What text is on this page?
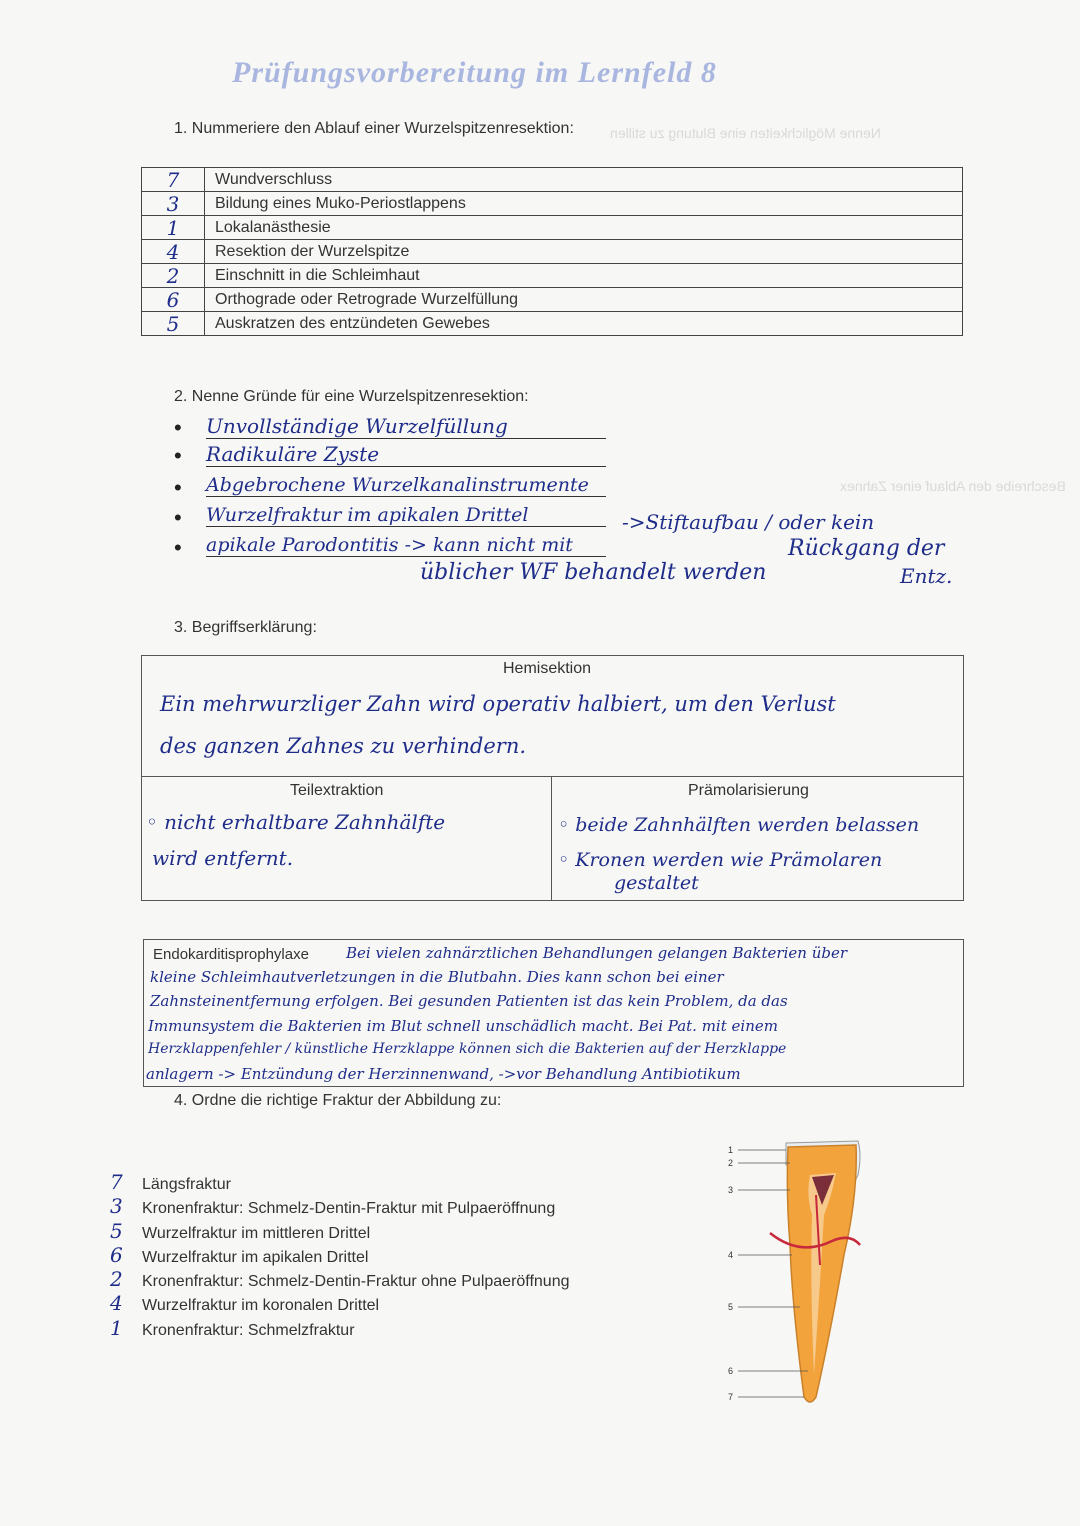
Prüfungsvorbereitung im Lernfeld 8
Nenne Möglichkeiten eine Blutung zu stillen
Beschreibe den Ablauf einer Zahnex
1. Nummeriere den Ablauf einer Wurzelspitzenresektion:
7	Wundverschluss
3	Bildung eines Muko-Periostlappens
1	Lokalanästhesie
4	Resektion der Wurzelspitze
2	Einschnitt in die Schleimhaut
6	Orthograde oder Retrograde Wurzelfüllung
5	Auskratzen des entzündeten Gewebes
2. Nenne Gründe für eine Wurzelspitzenresektion:
• Unvollständige Wurzelfüllung
• Radikuläre Zyste
• Abgebrochene Wurzelkanalinstrumente
• Wurzelfraktur im apikalen Drittel
• apikale Parodontitis -> kann nicht mit
->Stiftaufbau / oder kein
Rückgang der
Entz.
üblicher WF behandelt werden
3. Begriffserklärung:
Hemisektion
Ein mehrwurzliger Zahn wird operativ halbiert, um den Verlust
des ganzen Zahnes zu verhindern.
Teilextraktion
◦ nicht erhaltbare Zahnhälfte
wird entfernt.
Prämolarisierung
◦ beide Zahnhälften werden belassen
◦ Kronen werden wie Prämolaren
gestaltet
Endokarditisprophylaxe Bei vielen zahnärztlichen Behandlungen gelangen Bakterien über
kleine Schleimhautverletzungen in die Blutbahn. Dies kann schon bei einer
Zahnsteinentfernung erfolgen. Bei gesunden Patienten ist das kein Problem, da das
Immunsystem die Bakterien im Blut schnell unschädlich macht. Bei Pat. mit einem
Herzklappenfehler / künstliche Herzklappe können sich die Bakterien auf der Herzklappe
anlagern -> Entzündung der Herzinnenwand, ->vor Behandlung Antibiotikum
4. Ordne die richtige Fraktur der Abbildung zu:
7 Längsfraktur
3 Kronenfraktur: Schmelz-Dentin-Fraktur mit Pulpaeröffnung
5 Wurzelfraktur im mittleren Drittel
6 Wurzelfraktur im apikalen Drittel
2 Kronenfraktur: Schmelz-Dentin-Fraktur ohne Pulpaeröffnung
4 Wurzelfraktur im koronalen Drittel
1 Kronenfraktur: Schmelzfraktur
1
2
3
4
5
6
7
